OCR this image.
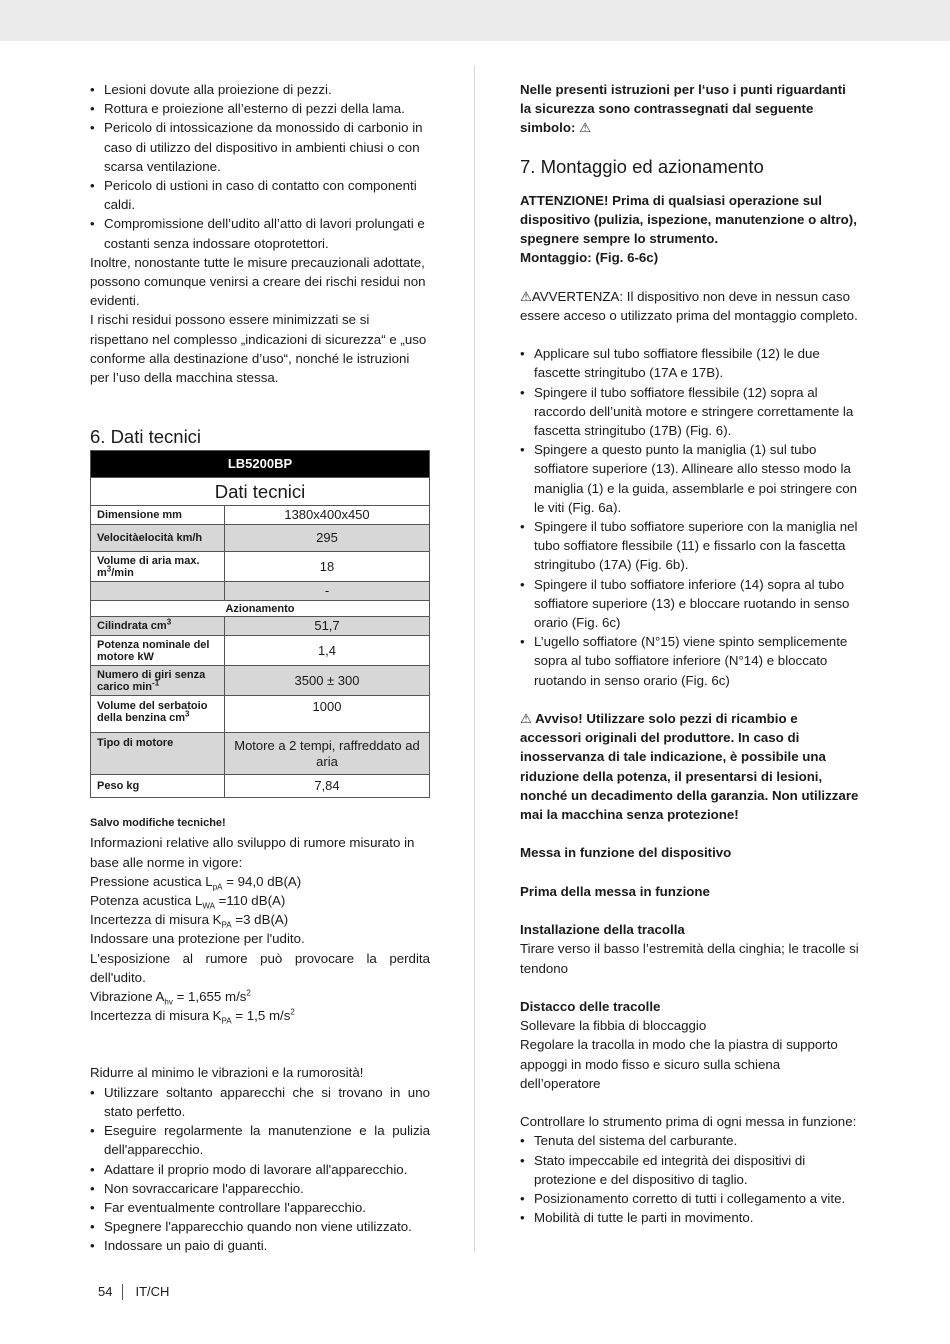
• Lesioni dovute alla proiezione di pezzi.
• Rottura e proiezione all’esterno di pezzi della lama.
• Pericolo di intossicazione da monossido di carbonio in caso di utilizzo del dispositivo in ambienti chiusi o con scarsa ventilazione.
• Pericolo di ustioni in caso di contatto con componenti caldi.
• Compromissione dell’udito all’atto di lavori prolungati e costanti senza indossare otoprotettori.

Inoltre, nonostante tutte le misure precauzionali adottate, possono comunque venirsi a creare dei rischi residui non evidenti.

I rischi residui possono essere minimizzati se si rispettano nel complesso „indicazioni di sicurezza“ e „uso conforme alla destinazione d’uso“, nonché le istruzioni per l’uso della macchina stessa.

6. Dati tecnici
LB5200BP	
Dati tecnici	
Dimensione mm	1380x400x450
Velocitàelocità km/h	295
Volume di aria max. $m^3/\min$	18
	-
Azionamento	
Cilindrata $cm^3$	51,7
Potenza nominale del motore kW	1,4
Numero di giri senza carico $\min^{-1}$	3500 ± 300
Volume del serbatoio della benzina $cm^3$	1000
Tipo di motore	Motore a 2 tempi, raffreddato ad aria
Peso kg	7,84

Salvo modifiche tecniche!

Informazioni relative allo sviluppo di rumore misurato in base alle norme in vigore:

Pressione acustica $L_{pA} = 94,0$ dB(A)

Potenza acustica $L_{WA} =110$ dB(A)

Incertezza di misura $K_{PA} =3$ dB(A)

Indossare una protezione per l'udito.

L'esposizione al rumore può provocare la perdita dell'udito.

Vibrazione $A_{hv} = 1,655$ $m/s^2$

Incertezza di misura $K_{PA} = 1,5$ $m/s^2$

Ridurre al minimo le vibrazioni e la rumorosità!

• Utilizzare soltanto apparecchi che si trovano in uno stato perfetto.
• Eseguire regolarmente la manutenzione e la pulizia dell'apparecchio.
• Adattare il proprio modo di lavorare all'apparecchio.
• Non sovraccaricare l'apparecchio.
• Far eventualmente controllare l'apparecchio.
• Spegnere l'apparecchio quando non viene utilizzato.
• Indossare un paio di guanti.

Nelle presenti istruzioni per l‘uso i punti riguardanti la sicurezza sono contrassegnati dal seguente simbolo: ⚠

7. Montaggio ed azionamento

ATTENZIONE! Prima di qualsiasi operazione sul dispositivo (pulizia, ispezione, manutenzione o altro), spegnere sempre lo strumento.

Montaggio: (Fig. 6-6c)

⚠AVVERTENZA: Il dispositivo non deve in nessun caso essere acceso o utilizzato prima del montaggio completo.

• Applicare sul tubo soffiatore flessibile (12) le due fascette stringitubo (17A e 17B).
• Spingere il tubo soffiatore flessibile (12) sopra al raccordo dell’unità motore e stringere correttamente la fascetta stringitubo (17B) (Fig. 6).
• Spingere a questo punto la maniglia (1) sul tubo soffiatore superiore (13). Allineare allo stesso modo la maniglia (1) e la guida, assemblarle e poi stringere con le viti (Fig. 6a).
• Spingere il tubo soffiatore superiore con la maniglia nel tubo soffiatore flessibile (11) e fissarlo con la fascetta stringitubo (17A) (Fig. 6b).
• Spingere il tubo soffiatore inferiore (14) sopra al tubo soffiatore superiore (13) e bloccare ruotando in senso orario (Fig. 6c)
• L’ugello soffiatore (N°15) viene spinto semplicemente sopra al tubo soffiatore inferiore (N°14) e bloccato ruotando in senso orario (Fig. 6c)

⚠ Avviso! Utilizzare solo pezzi di ricambio e accessori originali del produttore. In caso di inosservanza di tale indicazione, è possibile una riduzione della potenza, il presentarsi di lesioni, nonché un decadimento della garanzia. Non utilizzare mai la macchina senza protezione!

Messa in funzione del dispositivo

Prima della messa in funzione

Installazione della tracolla

Tirare verso il basso l’estremità della cinghia; le tracolle si tendono

Distacco delle tracolle

Sollevare la fibbia di bloccaggio

Regolare la tracolla in modo che la piastra di supporto appoggi in modo fisso e sicuro sulla schiena dell’operatore

Controllare lo strumento prima di ogni messa in funzione:

• Tenuta del sistema del carburante.
• Stato impeccabile ed integrità dei dispositivi di protezione e del dispositivo di taglio.
• Posizionamento corretto di tutti i collegamento a vite.
• Mobilità di tutte le parti in movimento.
54 IT/CH
